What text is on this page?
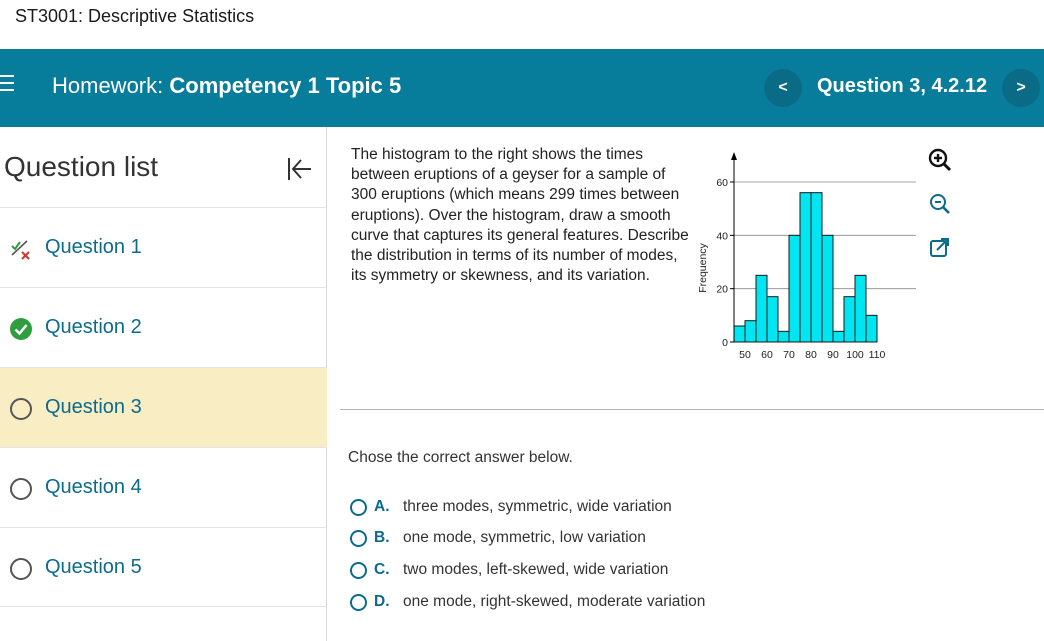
ST3001: Descriptive Statistics
Homework: Competency 1 Topic 5	<	Question 3, 4.2.12	>
Question list
Question 1
Question 2
Question 3
Question 4
Question 5
The histogram to the right shows the times between eruptions of a geyser for a sample of 300 eruptions (which means 299 times between eruptions). Over the histogram, draw a smooth curve that captures its general features. Describe the distribution in terms of its number of modes, its symmetry or skewness, and its variation.
0
20
40
60
Frequency
50 60 70 80 90 100 110
Chose the correct answer below.
A. three modes, symmetric, wide variation
B. one mode, symmetric, low variation
C. two modes, left-skewed, wide variation
D. one mode, right-skewed, moderate variation
